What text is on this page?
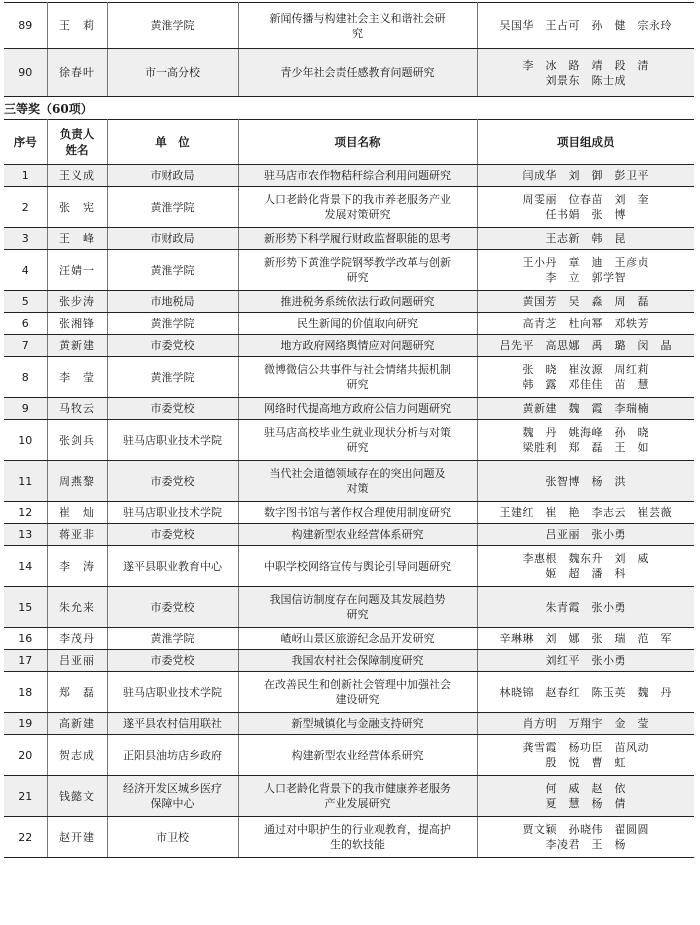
89	王　莉	黄淮学院	新闻传播与构建社会主义和谐社会研
究	吴国华　王占可　孙　健　宗永玲

90	徐春叶	市一高分校	青少年社会责任感教育问题研究	李　冰　路　靖　段　清
刘景东　陈士成
三等奖（60项）
序号	负责人
姓名	单　位	项目名称	项目组成员
1	王义成	市财政局	驻马店市农作物秸秆综合利用问题研究	闫成华　刘　御　彭卫平

2	张　宪	黄淮学院	人口老龄化背景下的我市养老服务产业
发展对策研究	周雯丽　位春苗　刘　奎
任书娟　张　博

3	王　峰	市财政局	新形势下科学履行财政监督职能的思考	王志新　韩　昆

4	汪婧一	黄淮学院	新形势下黄淮学院钢琴教学改革与创新
研究	王小丹　章　迪　王彦贞
李　立　郭学智

5	张步涛	市地税局	推进税务系统依法行政问题研究	黄国芳　吴　淼　周　磊

6	张湘锋	黄淮学院	民生新闻的价值取向研究	高青芝　杜向幂　邓轶芳

7	黄新建	市委党校	地方政府网络舆情应对问题研究	吕先平　高思娜　禹　璐　闵　晶

8	李　莹	黄淮学院	微博微信公共事件与社会情绪共振机制
研究	张　晓　崔汝源　周红莉
韩　露　邓佳佳　苗　慧

9	马牧云	市委党校	网络时代提高地方政府公信力问题研究	黄新建　魏　霞　李瑞楠

10	张剑兵	驻马店职业技术学院	驻马店高校毕业生就业现状分析与对策
研究	魏　丹　姚海峰　孙　晓
梁胜利　郑　磊　王　如

11	周燕黎	市委党校	当代社会道德领域存在的突出问题及
对策	张智博　杨　洪

12	崔　灿	驻马店职业技术学院	数字图书馆与著作权合理使用制度研究	王建红　崔　艳　李志云　崔芸薇

13	蒋亚非	市委党校	构建新型农业经营体系研究	吕亚丽　张小勇

14	李　涛	遂平县职业教育中心	中职学校网络宣传与舆论引导问题研究	李惠根　魏东升　刘　威
姬　超　潘　科

15	朱允来	市委党校	我国信访制度存在问题及其发展趋势
研究	朱青霞　张小勇

16	李茂丹	黄淮学院	嵖岈山景区旅游纪念品开发研究	辛琳琳　刘　娜　张　瑞　范　军

17	吕亚丽	市委党校	我国农村社会保障制度研究	刘红平　张小勇

18	郑　磊	驻马店职业技术学院	在改善民生和创新社会管理中加强社会
建设研究	林晓锦　赵春红　陈玉英　魏　丹

19	高新建	遂平县农村信用联社	新型城镇化与金融支持研究	肖方明　万翔宇　金　莹

20	贺志成	正阳县油坊店乡政府	构建新型农业经营体系研究	龚雪霞　杨功臣　苗风动
殷　悦　曹　虹

21	钱懿文	经济开发区城乡医疗
保障中心	人口老龄化背景下的我市健康养老服务
产业发展研究	何　威　赵　依
夏　慧　杨　倩

22	赵开建	市卫校	通过对中职护生的行业观教育，提高护
生的软技能	贾文颖　孙晓伟　翟圆圆
李凌君　王　杨
